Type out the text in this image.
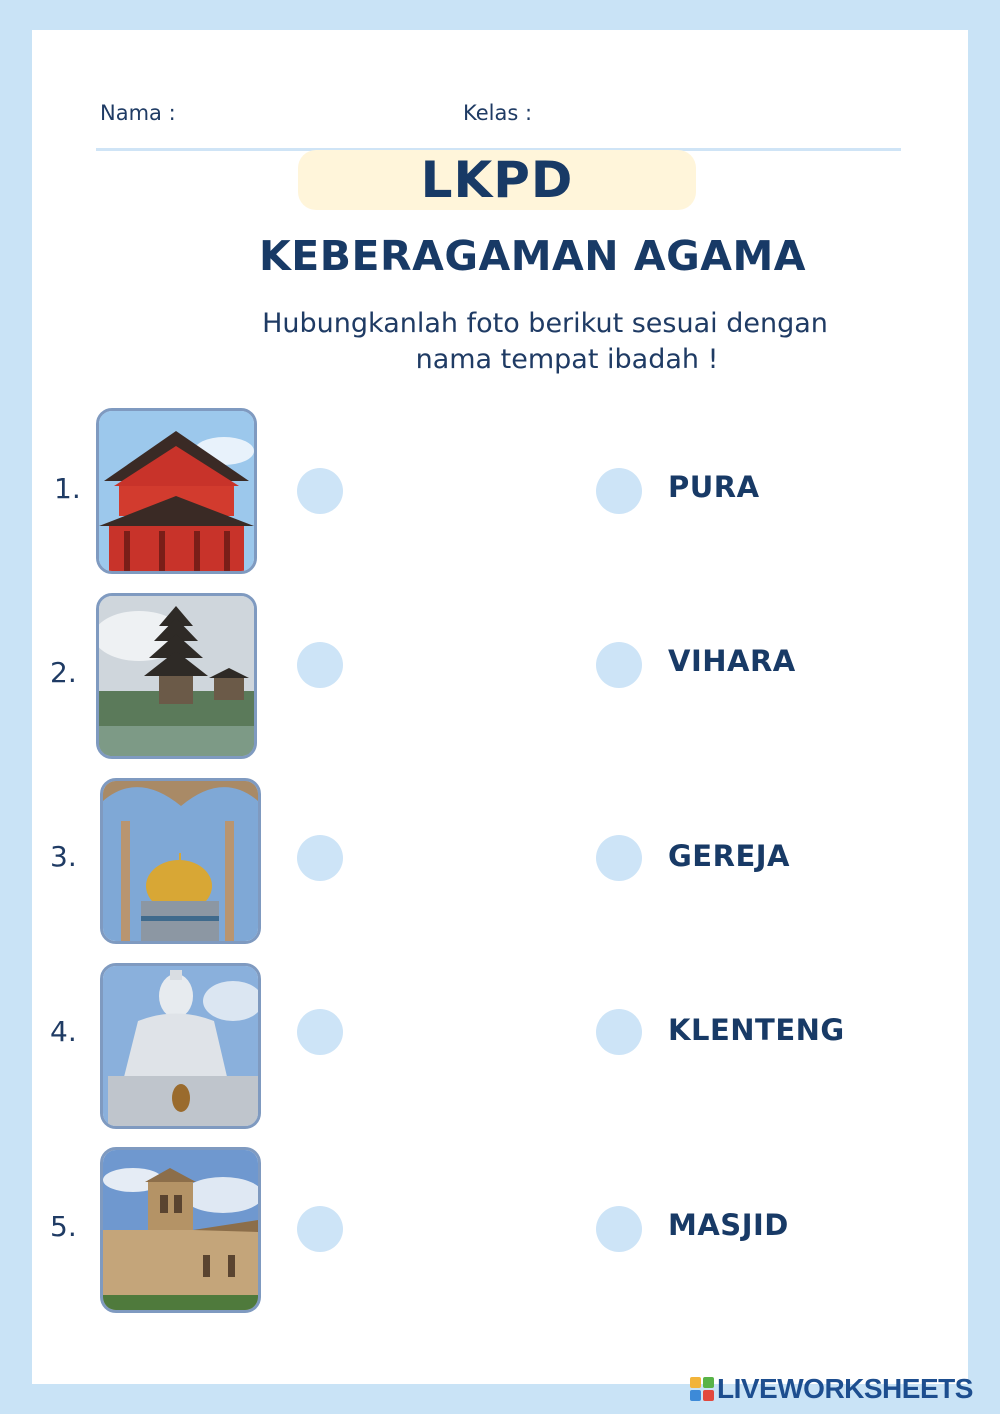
Nama :	Kelas :
LKPD
KEBERAGAMAN AGAMA
Hubungkanlah foto berikut sesuai dengan
nama tempat ibadah !
1.
2.
3.
4.
5.
PURA
VIHARA
GEREJA
KLENTENG
MASJID
LIVEWORKSHEETS
